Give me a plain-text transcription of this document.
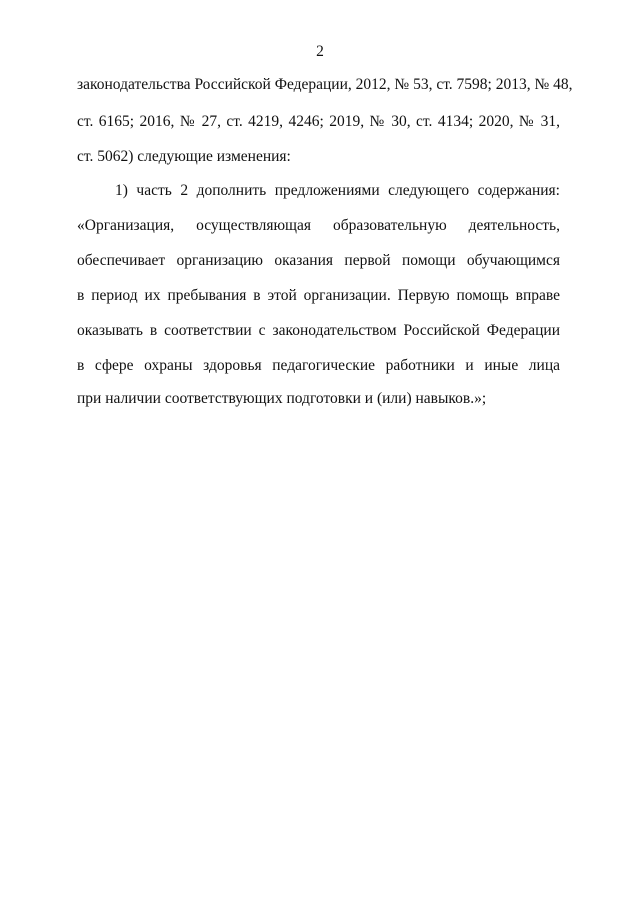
2
законодательства Российской Федерации, 2012, № 53, ст. 7598; 2013, № 48,
ст. 6165; 2016, № 27, ст. 4219, 4246; 2019, № 30, ст. 4134; 2020, № 31,
ст. 5062) следующие изменения:
1) часть 2 дополнить предложениями следующего содержания:
«Организация, осуществляющая образовательную деятельность,
обеспечивает организацию оказания первой помощи обучающимся
в период их пребывания в этой организации. Первую помощь вправе
оказывать в соответствии с законодательством Российской Федерации
в сфере охраны здоровья педагогические работники и иные лица
при наличии соответствующих подготовки и (или) навыков.»;
